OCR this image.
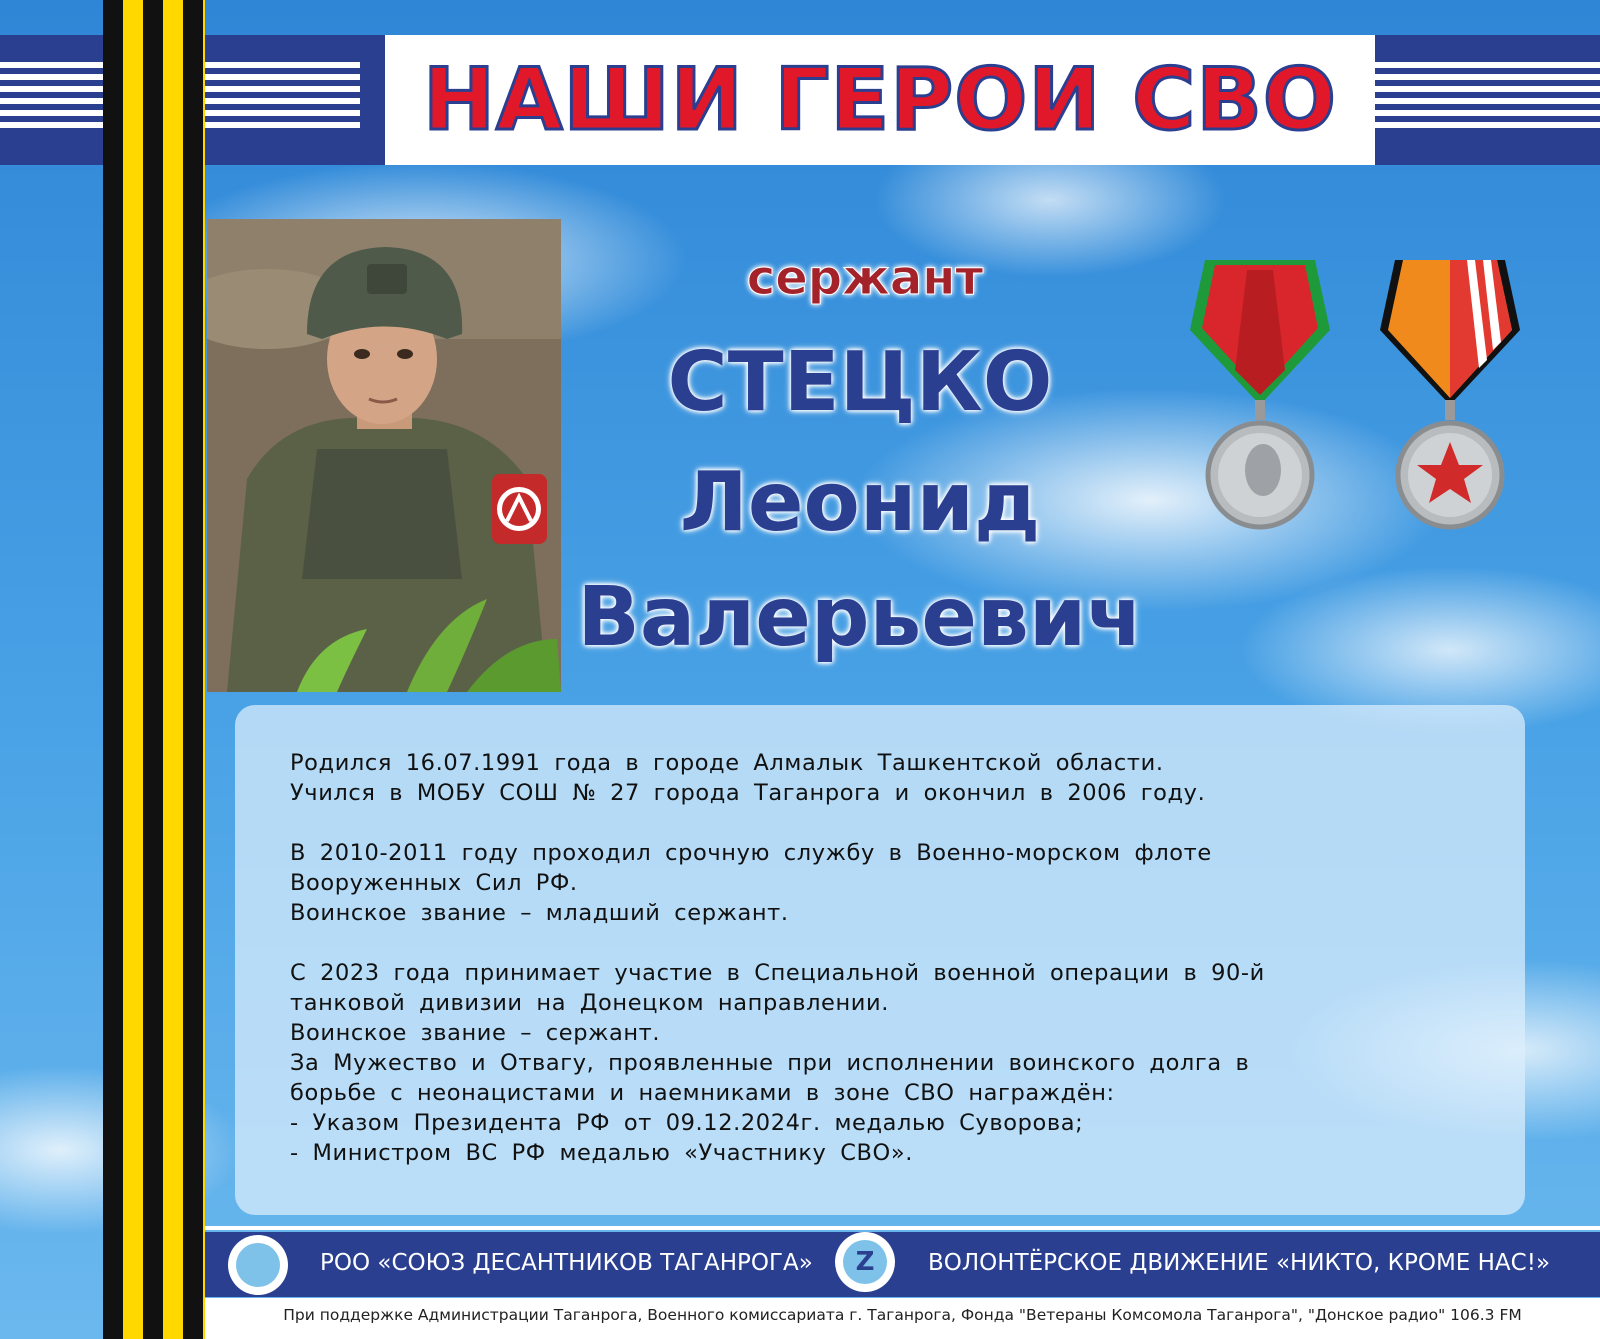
НАШИ ГЕРОИ СВО
сержант
СТЕЦКО
Леонид
Валерьевич

Родился 16.07.1991 года в городе Алмалык Ташкентской области.

Учился в МОБУ СОШ № 27 города Таганрога и окончил в 2006 году.

В 2010-2011 году проходил срочную службу в Военно-морском флоте

Вооруженных Сил РФ.

Воинское звание – младший сержант.

С 2023 года принимает участие в Специальной военной операции в 90-й

танковой дивизии на Донецком направлении.

Воинское звание – сержант.

За Мужество и Отвагу, проявленные при исполнении воинского долга в

борьбе с неонацистами и наемниками в зоне СВО награждён:

- Указом Президента РФ от 09.12.2024г. медалью Суворова;

- Министром ВС РФ медалью «Участнику СВО».

РОО «СОЮЗ ДЕСАНТНИКОВ ТАГАНРОГА» Z ВОЛОНТЁРСКОЕ ДВИЖЕНИЕ «НИКТО, КРОМЕ НАС!»
При поддержке Администрации Таганрога, Военного комиссариата г. Таганрога, Фонда "Ветераны Комсомола Таганрога", "Донское радио" 106.3 FM
